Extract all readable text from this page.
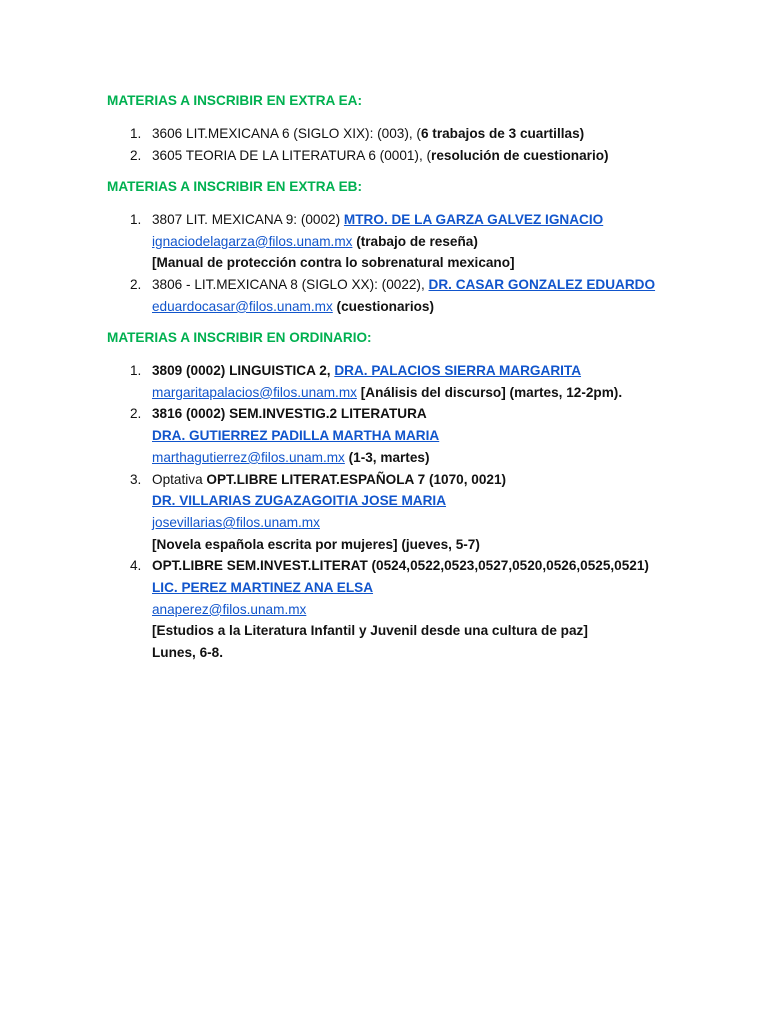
MATERIAS A INSCRIBIR EN EXTRA EA:
1. 3606 LIT.MEXICANA 6 (SIGLO XIX): (003), (6 trabajos de 3 cuartillas)
2. 3605 TEORIA DE LA LITERATURA 6 (0001), (resolución de cuestionario)
MATERIAS A INSCRIBIR EN EXTRA EB:
1. 3807 LIT. MEXICANA 9: (0002) MTRO. DE LA GARZA GALVEZ IGNACIO
ignaciodelagarza@filos.unam.mx (trabajo de reseña)
[Manual de protección contra lo sobrenatural mexicano]
2. 3806 - LIT.MEXICANA 8 (SIGLO XX): (0022), DR. CASAR GONZALEZ EDUARDO
eduardocasar@filos.unam.mx (cuestionarios)
MATERIAS A INSCRIBIR EN ORDINARIO:
1. 3809 (0002) LINGUISTICA 2, DRA. PALACIOS SIERRA MARGARITA
margaritapalacios@filos.unam.mx [Análisis del discurso] (martes, 12-2pm).
2. 3816 (0002) SEM.INVESTIG.2 LITERATURA
DRA. GUTIERREZ PADILLA MARTHA MARIA
marthagutierrez@filos.unam.mx (1-3, martes)
3. Optativa OPT.LIBRE LITERAT.ESPAÑOLA 7 (1070, 0021)
DR. VILLARIAS ZUGAZAGOITIA JOSE MARIA
josevillarias@filos.unam.mx
[Novela española escrita por mujeres] (jueves, 5-7)
4. OPT.LIBRE SEM.INVEST.LITERAT (0524,0522,0523,0527,0520,0526,0525,0521)
LIC. PEREZ MARTINEZ ANA ELSA
anaperez@filos.unam.mx
[Estudios a la Literatura Infantil y Juvenil desde una cultura de paz]
Lunes, 6-8.
